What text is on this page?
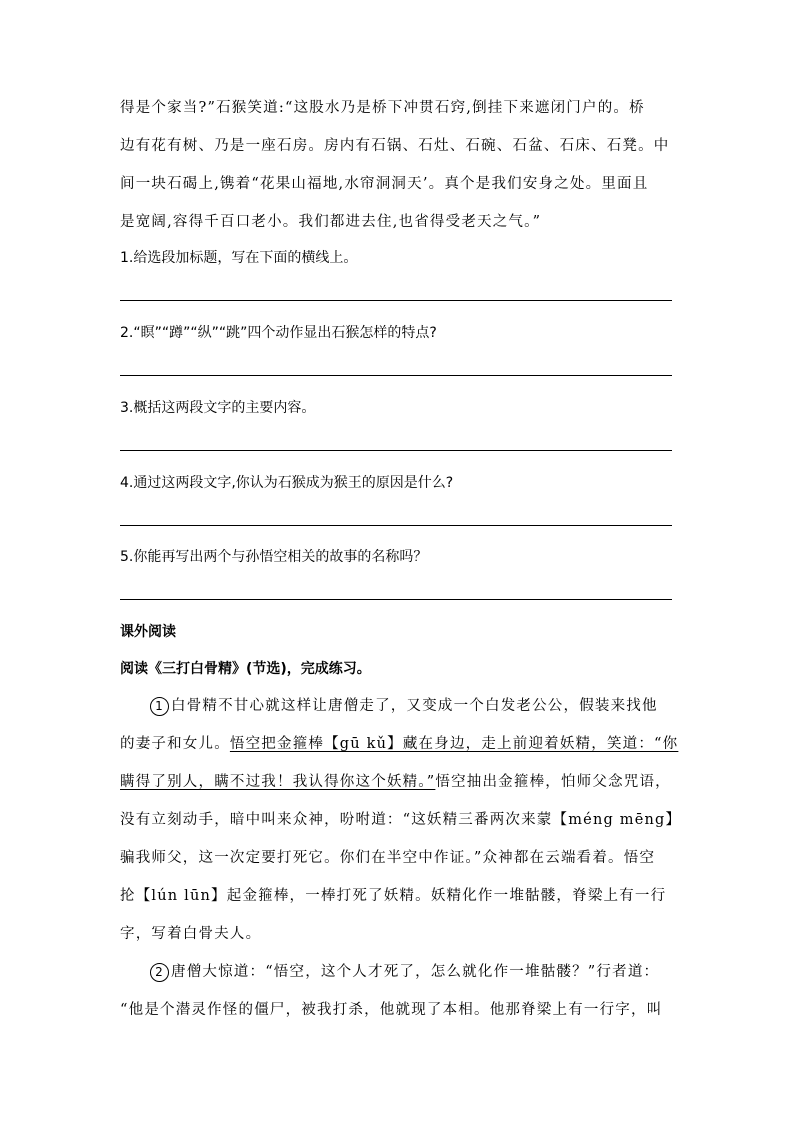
得是个家当?”石猴笑道:“这股水乃是桥下冲贯石窍,倒挂下来遮闭门户的。桥
边有花有树、乃是一座石房。房内有石锅、石灶、石碗、石盆、石床、石凳。中
间一块石碣上,镌着“花果山福地,水帘洞洞天’。真个是我们安身之处。里面且
是宽阔,容得千百口老小。我们都进去住,也省得受老天之气。”
1.给选段加标题，写在下面的横线上。
2.“瞑”“蹲”“纵”“跳”四个动作显出石猴怎样的特点?
3.概括这两段文字的主要内容。
4.通过这两段文字,你认为石猴成为猴王的原因是什么?
5.你能再写出两个与孙悟空相关的故事的名称吗？
课外阅读
阅读《三打白骨精》(节选)，完成练习。
1 白骨精不甘心就这样让唐僧走了，又变成一个白发老公公，假装来找他
的妻子和女儿。悟空把金箍棒【gū kǔ】藏在身边，走上前迎着妖精，笑道：“你
瞒得了别人，瞒不过我！我认得你这个妖精。”悟空抽出金箍棒，怕师父念咒语，
没有立刻动手，暗中叫来众神，吩咐道：“这妖精三番两次来蒙【méng mēng】
骗我师父，这一次定要打死它。你们在半空中作证。”众神都在云端看着。悟空
抡【lún lūn】起金箍棒，一棒打死了妖精。妖精化作一堆骷髅，脊梁上有一行
字，写着白骨夫人。
2 唐僧大惊道：“悟空，这个人才死了，怎么就化作一堆骷髅？”行者道：
“他是个潜灵作怪的僵尸，被我打杀，他就现了本相。他那脊梁上有一行字，叫
